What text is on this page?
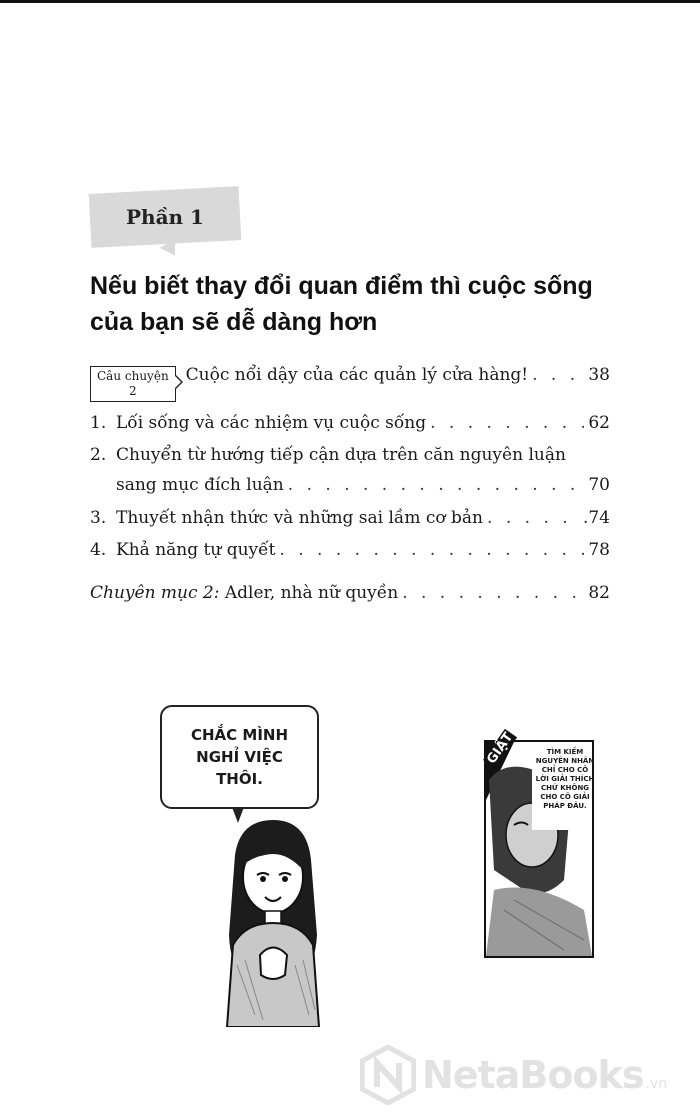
Phần 1
Nếu biết thay đổi quan điểm thì cuộc sống
của bạn sẽ dễ dàng hơn
Câu chuyện
2
Cuộc nổi dậy của các quản lý cửa hàng! . . .	38
1. Lối sống và các nhiệm vụ cuộc sống . . .	62
2. Chuyển từ hướng tiếp cận dựa trên căn nguyên luận
sang mục đích luận . . .	70
3. Thuyết nhận thức và những sai lầm cơ bản . . .	.74
4. Khả năng tự quyết . . .	78
Chuyên mục 2: Adler, nhà nữ quyền . . .	82
CHẮC MÌNH
NGHỈ VIỆC
THÔI.
GIẬT	TÌM KIẾM NGUYÊN NHÂN CHỈ CHO CÔ LỜI GIẢI THÍCH CHỨ KHÔNG CHO CÔ GIẢI PHÁP ĐÂU.
NetaBooks .vn
